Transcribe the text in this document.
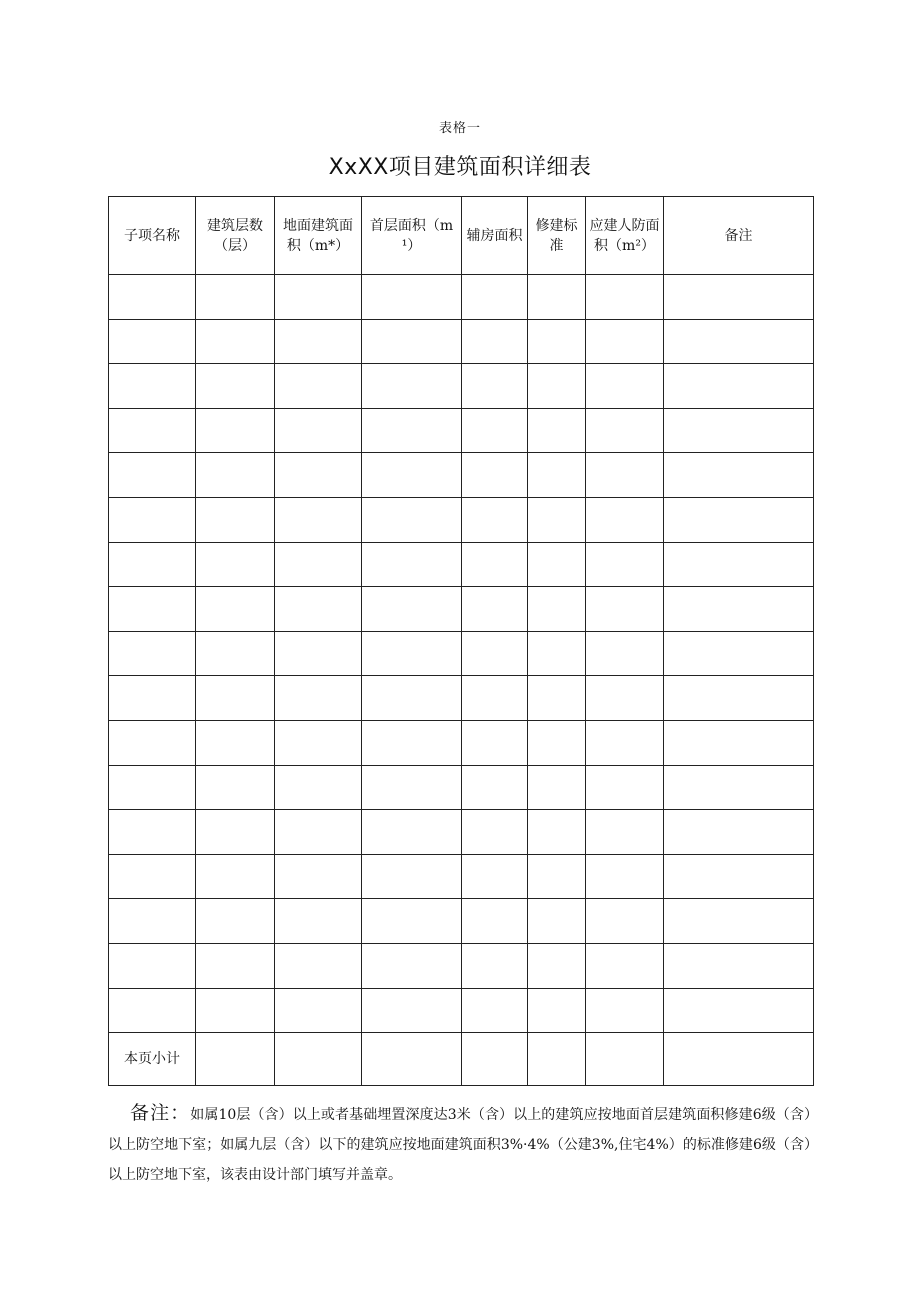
表格一
XxXX项目建筑面积详细表
子项名称	建筑层数（层）	地面建筑面积（m*）	首层面积（m¹）	辅房面积	修建标准	应建人防面积（m²）	备注

本页小计							
备注：如属10层（含）以上或者基础埋置深度达3米（含）以上的建筑应按地面首层建筑面积修建6级（含）以上防空地下室；如属九层（含）以下的建筑应按地面建筑面积3%·4%（公建3%,住宅4%）的标准修建6级（含）以上防空地下室，该表由设计部门填写并盖章。
